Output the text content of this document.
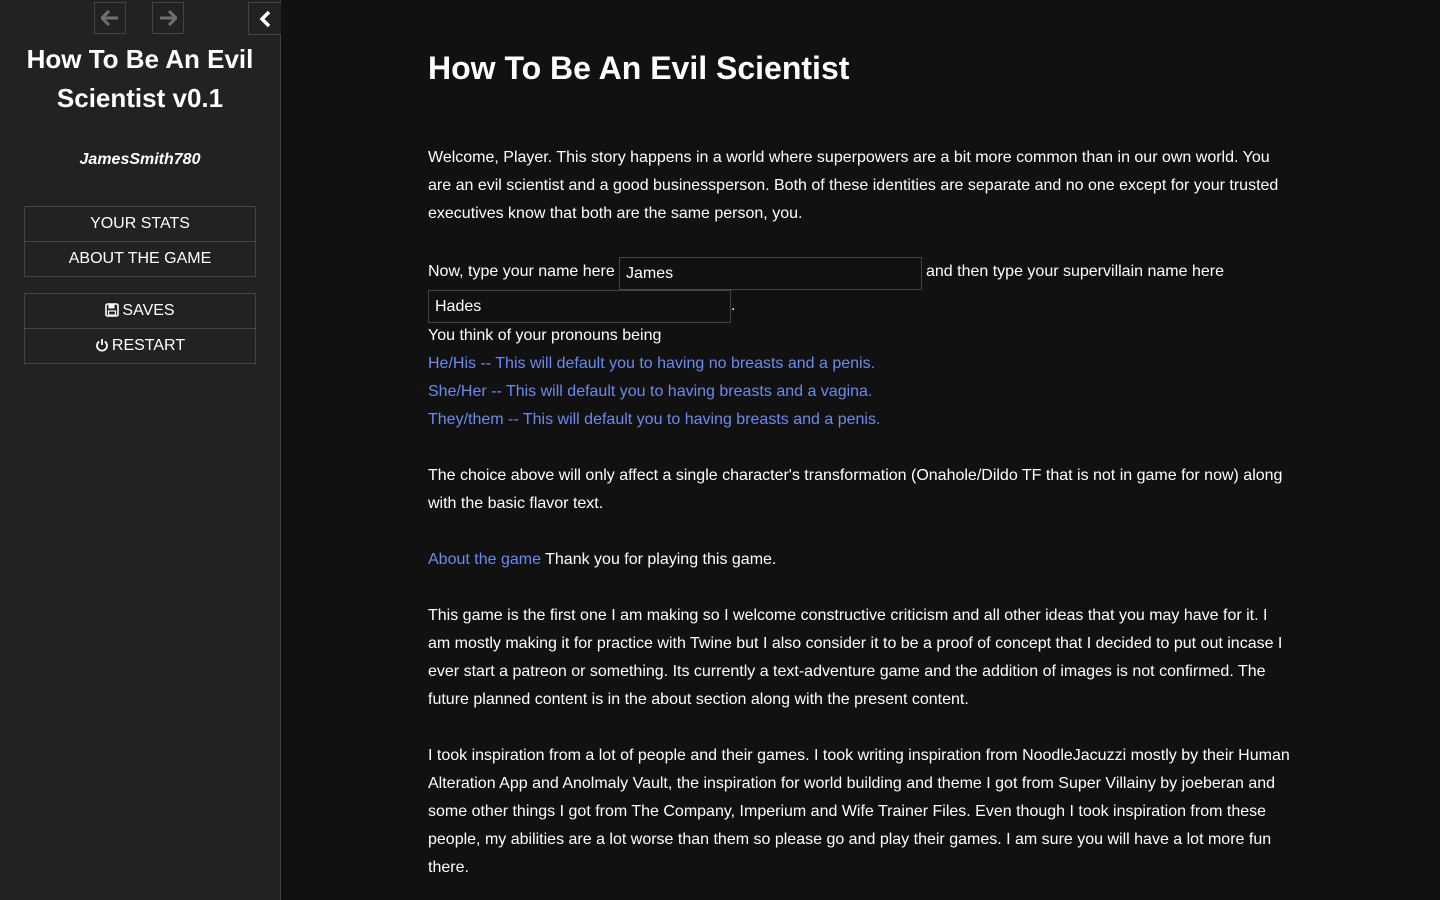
How To Be An Evil Scientist v0.1
JamesSmith780
YOUR STATS
ABOUT THE GAME
SAVES
RESTART
How To Be An Evil Scientist

Welcome, Player. This story happens in a world where superpowers are a bit more common than in our own world. You are an evil scientist and a good businessperson. Both of these identities are separate and no one except for your trusted executives know that both are the same person, you.

Now, type your name here
James	and then type your supervillain name here
Hades
.
You think of your pronouns being
He/His -- This will default you to having no breasts and a penis.
She/Her -- This will default you to having breasts and a vagina.
They/them -- This will default you to having breasts and a penis.

The choice above will only affect a single character's transformation (Onahole/Dildo TF that is not in game for now) along with the basic flavor text.

About the game Thank you for playing this game.

This game is the first one I am making so I welcome constructive criticism and all other ideas that you may have for it. I am mostly making it for practice with Twine but I also consider it to be a proof of concept that I decided to put out incase I ever start a patreon or something. Its currently a text-adventure game and the addition of images is not confirmed. The future planned content is in the about section along with the present content.

I took inspiration from a lot of people and their games. I took writing inspiration from NoodleJacuzzi mostly by their Human Alteration App and Anolmaly Vault, the inspiration for world building and theme I got from Super Villainy by joeberan and some other things I got from The Company, Imperium and Wife Trainer Files. Even though I took inspiration from these people, my abilities are a lot worse than them so please go and play their games. I am sure you will have a lot more fun there.
